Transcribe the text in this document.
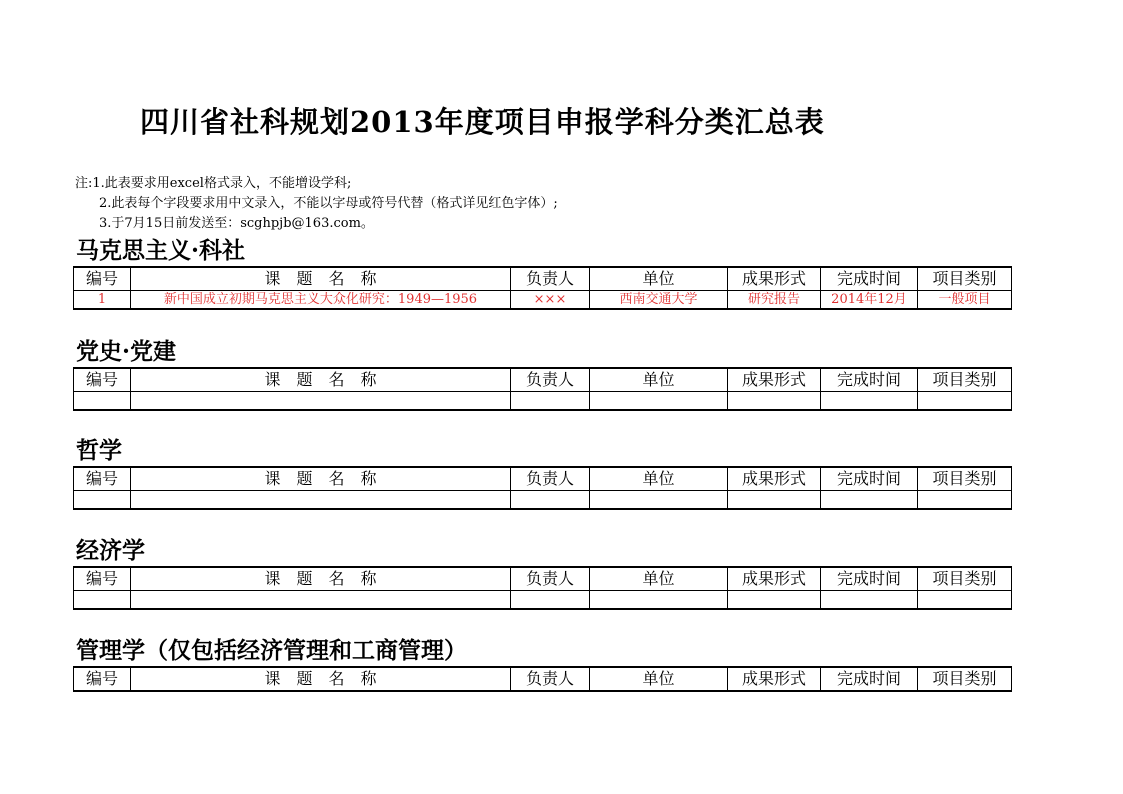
四川省社科规划2013年度项目申报学科分类汇总表
注:1.此表要求用excel格式录入，不能增设学科;
2.此表每个字段要求用中文录入，不能以字母或符号代替（格式详见红色字体）;
3.于7月15日前发送至：scghpjb@163.com。
马克思主义·科社
编号	课　题　名　称	负责人	单位	成果形式	完成时间	项目类别
1	新中国成立初期马克思主义大众化研究：1949—1956	×××	西南交通大学	研究报告	2014年12月	一般项目
党史·党建
编号	课　题　名　称	负责人	单位	成果形式	完成时间	项目类别

哲学
编号	课　题　名　称	负责人	单位	成果形式	完成时间	项目类别

经济学
编号	课　题　名　称	负责人	单位	成果形式	完成时间	项目类别

管理学（仅包括经济管理和工商管理）
编号	课　题　名　称	负责人	单位	成果形式	完成时间	项目类别
